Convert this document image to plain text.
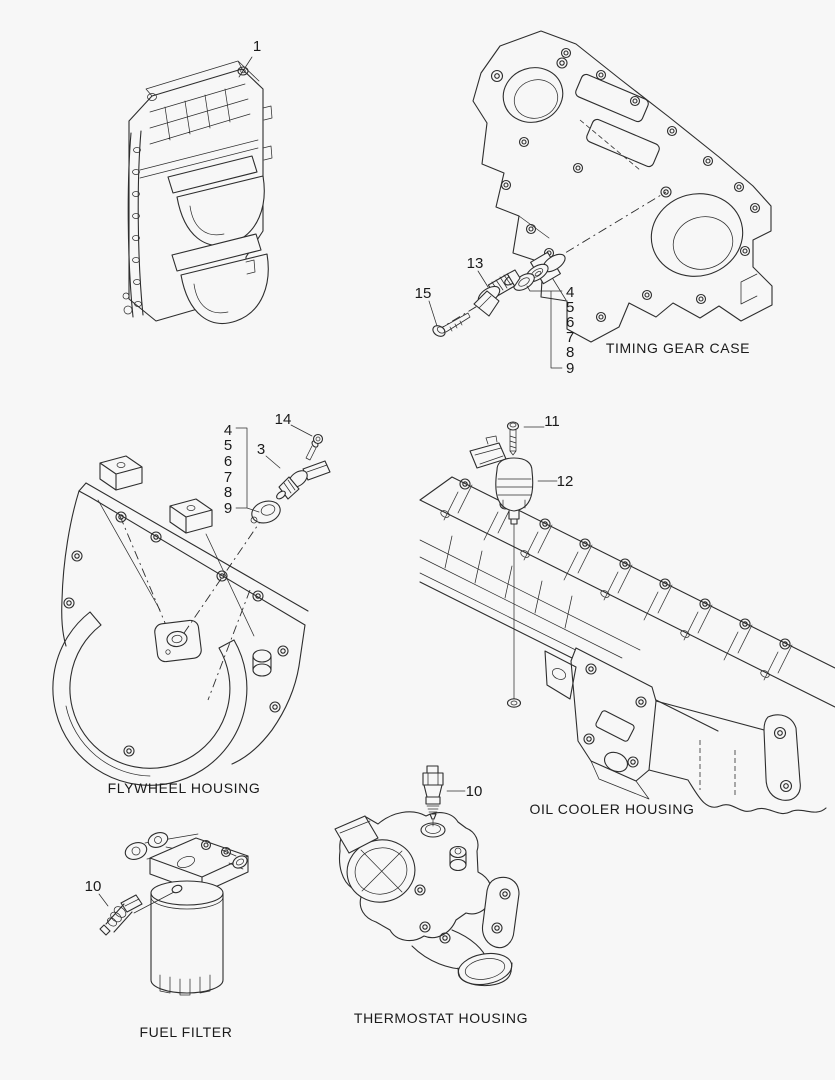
1
13
15	4
5
6
7
8
9
TIMING GEAR CASE
3
14
4
5
6
7
8
9
FLYWHEEL HOUSING
11
12
OIL COOLER HOUSING
10
FUEL FILTER
10
THERMOSTAT HOUSING
